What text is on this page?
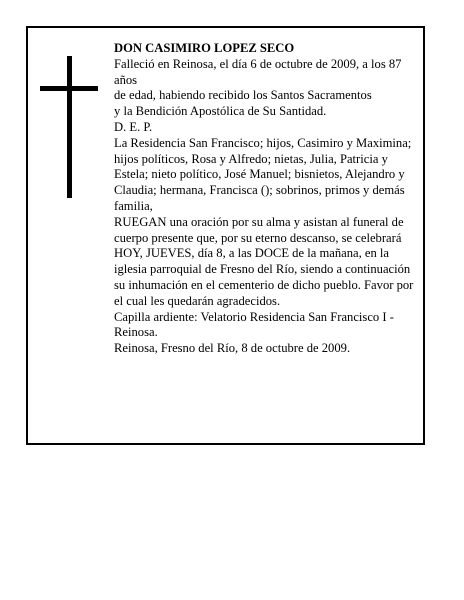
DON CASIMIRO LOPEZ SECO

Falleció en Reinosa, el día 6 de octubre de 2009, a los 87 años

de edad, habiendo recibido los Santos Sacramentos

y la Bendición Apostólica de Su Santidad.

D. E. P.

La Residencia San Francisco; hijos, Casimiro y Maximina; hijos políticos, Rosa y Alfredo; nietas, Julia, Patricia y Estela; nieto político, José Manuel; bisnietos, Alejandro y Claudia; hermana, Francisca (); sobrinos, primos y demás familia,

RUEGAN una oración por su alma y asistan al funeral de cuerpo presente que, por su eterno descanso, se celebrará HOY, JUEVES, día 8, a las DOCE de la mañana, en la iglesia parroquial de Fresno del Río, siendo a continuación su inhumación en el cementerio de dicho pueblo. Favor por el cual les quedarán agradecidos.

Capilla ardiente: Velatorio Residencia San Francisco I - Reinosa.

Reinosa, Fresno del Río, 8 de octubre de 2009.
